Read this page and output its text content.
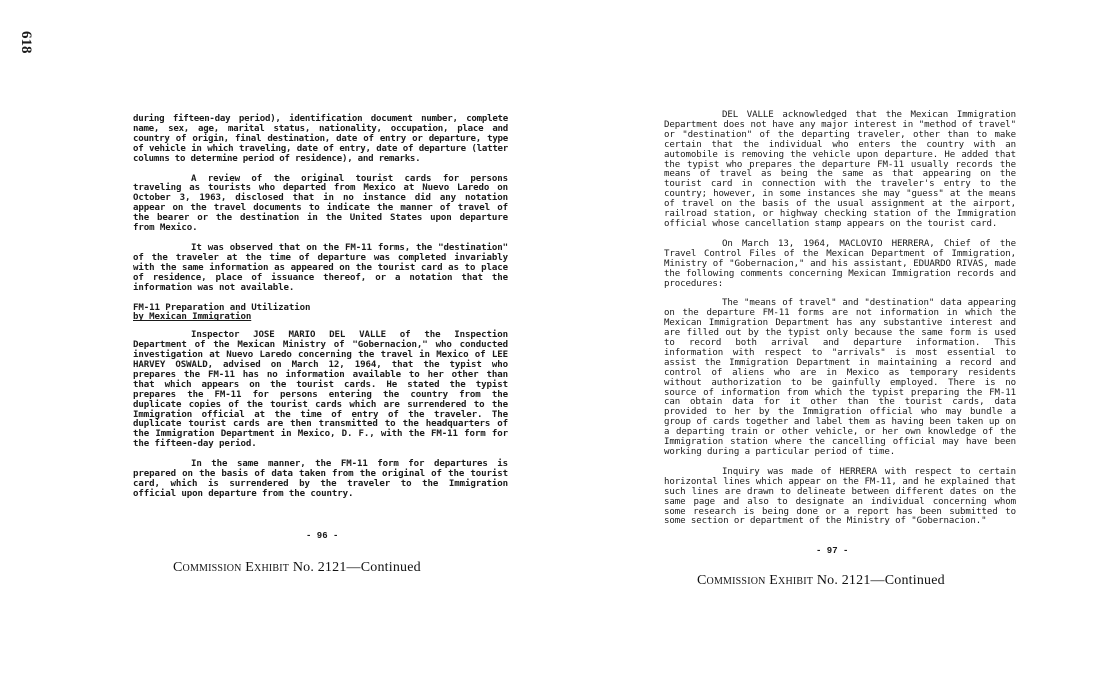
618

during fifteen-day period), identification document number, complete name, sex, age, marital status, nationality, occupation, place and country of origin, final destination, date of entry or departure, type of vehicle in which traveling, date of entry, date of departure (latter columns to determine period of residence), and remarks.

A review of the original tourist cards for persons traveling as tourists who departed from Mexico at Nuevo Laredo on October 3, 1963, disclosed that in no instance did any notation appear on the travel documents to indicate the manner of travel of the bearer or the destination in the United States upon departure from Mexico.

It was observed that on the FM-11 forms, the "destination" of the traveler at the time of departure was completed invariably with the same information as appeared on the tourist card as to place of residence, place of issuance thereof, or a notation that the information was not available.

FM-11 Preparation and Utilization
by Mexican Immigration

Inspector JOSE MARIO DEL VALLE of the Inspection Department of the Mexican Ministry of "Gobernacion," who conducted investigation at Nuevo Laredo concerning the travel in Mexico of LEE HARVEY OSWALD, advised on March 12, 1964, that the typist who prepares the FM-11 has no information available to her other than that which appears on the tourist cards. He stated the typist prepares the FM-11 for persons entering the country from the duplicate copies of the tourist cards which are surrendered to the Immigration official at the time of entry of the traveler. The duplicate tourist cards are then transmitted to the headquarters of the Immigration Department in Mexico, D. F., with the FM-11 form for the fifteen-day period.

In the same manner, the FM-11 form for departures is prepared on the basis of data taken from the original of the tourist card, which is surrendered by the traveler to the Immigration official upon departure from the country.

- 96 -
Commission Exhibit No. 2121—Continued

DEL VALLE acknowledged that the Mexican Immigration Department does not have any major interest in "method of travel" or "destination" of the departing traveler, other than to make certain that the individual who enters the country with an automobile is removing the vehicle upon departure. He added that the typist who prepares the departure FM-11 usually records the means of travel as being the same as that appearing on the tourist card in connection with the traveler's entry to the country; however, in some instances she may "guess" at the means of travel on the basis of the usual assignment at the airport, railroad station, or highway checking station of the Immigration official whose cancellation stamp appears on the tourist card.

On March 13, 1964, MACLOVIO HERRERA, Chief of the Travel Control Files of the Mexican Department of Immigration, Ministry of "Gobernacion," and his assistant, EDUARDO RIVAS, made the following comments concerning Mexican Immigration records and procedures:

The "means of travel" and "destination" data appearing on the departure FM-11 forms are not information in which the Mexican Immigration Department has any substantive interest and are filled out by the typist only because the same form is used to record both arrival and departure information. This information with respect to "arrivals" is most essential to assist the Immigration Department in maintaining a record and control of aliens who are in Mexico as temporary residents without authorization to be gainfully employed. There is no source of information from which the typist preparing the FM-11 can obtain data for it other than the tourist cards, data provided to her by the Immigration official who may bundle a group of cards together and label them as having been taken up on a departing train or other vehicle, or her own knowledge of the Immigration station where the cancelling official may have been working during a particular period of time.

Inquiry was made of HERRERA with respect to certain horizontal lines which appear on the FM-11, and he explained that such lines are drawn to delineate between different dates on the same page and also to designate an individual concerning whom some research is being done or a report has been submitted to some section or department of the Ministry of "Gobernacion."

- 97 -
Commission Exhibit No. 2121—Continued
